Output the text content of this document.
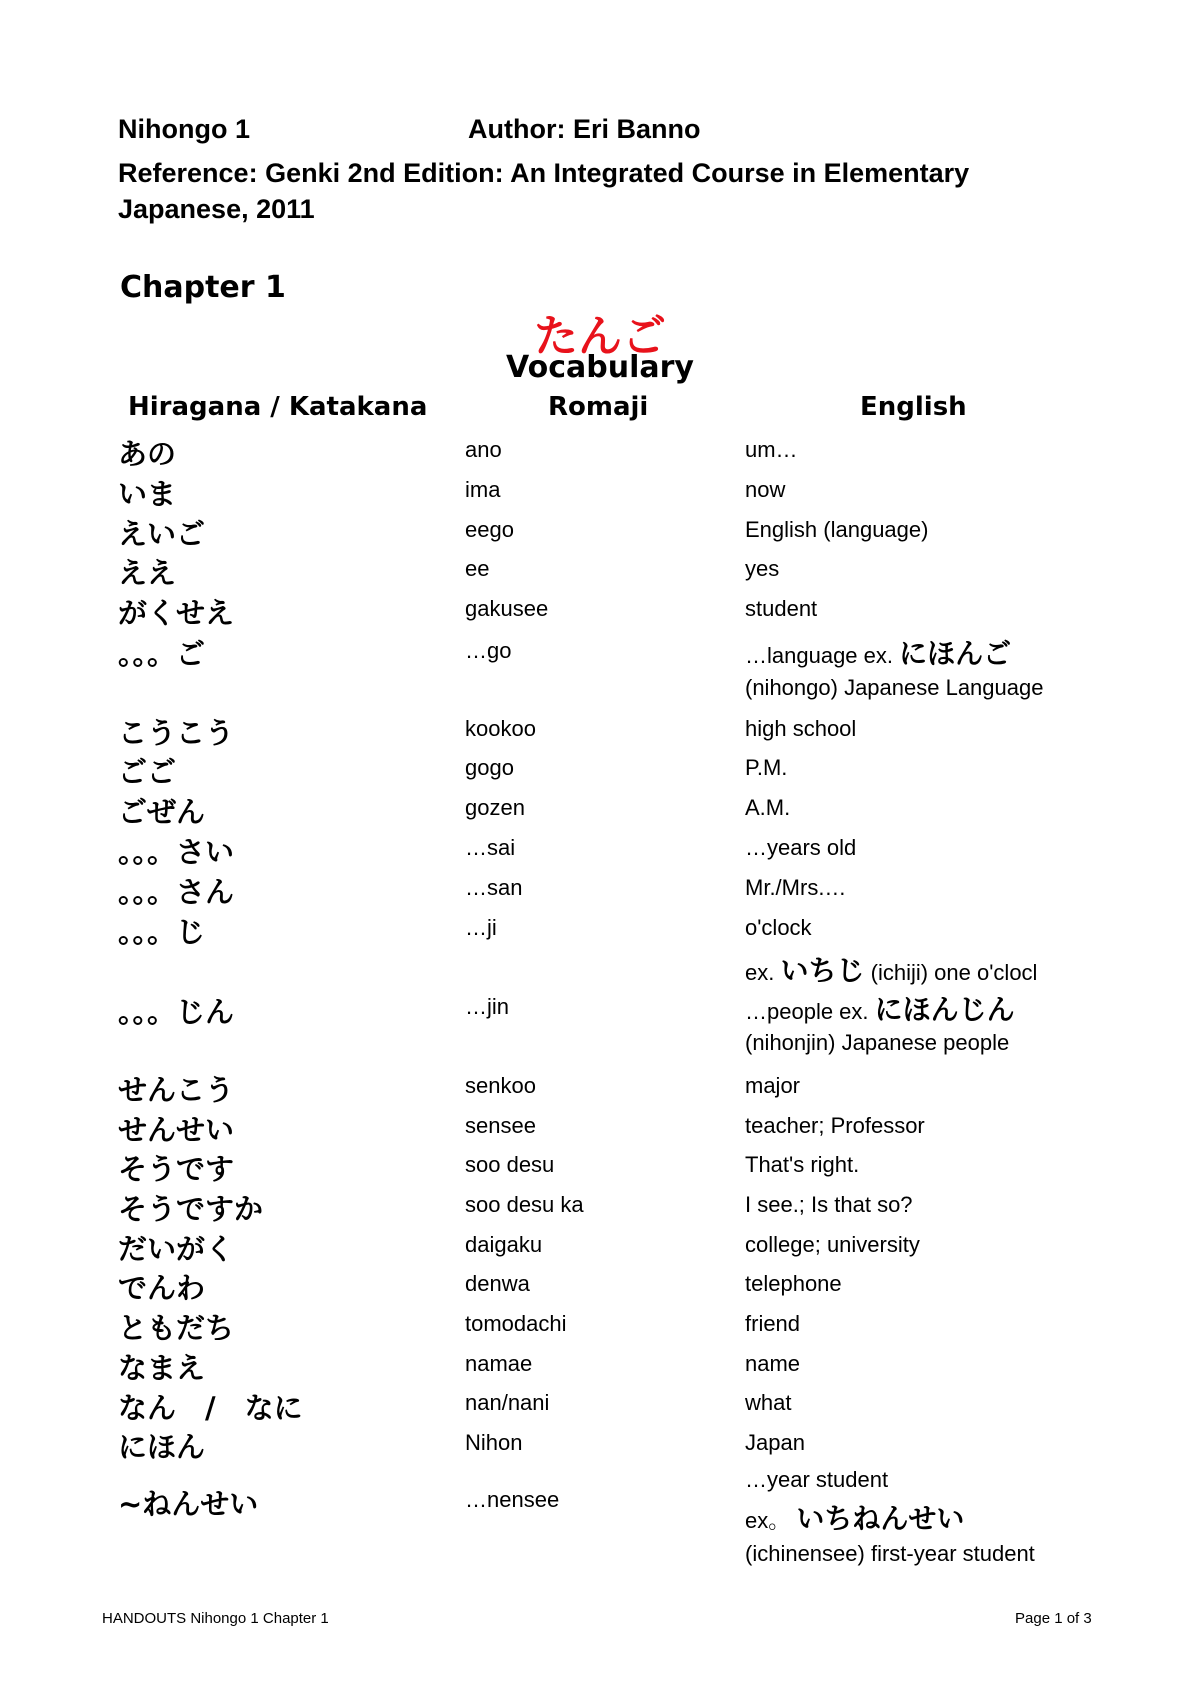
Nihongo 1	Author: Eri Banno
Reference: Genki 2nd Edition: An Integrated Course in Elementary Japanese, 2011
Chapter 1
たんご
Vocabulary
Hiragana / Katakana	Romaji	English
あの	ano	um…
いま	ima	now
えいご	eego	English (language)
ええ	ee	yes
がくせえ	gakusee	student
。。。ご	…go	…language ex. にほんご
(nihongo) Japanese Language
こうこう	kookoo	high school
ごご	gogo	P.M.
ごぜん	gozen	A.M.
。。。さい	…sai	…years old
。。。さん	…san	Mr./Mrs.…
。。。じ	…ji	o'clock
ex. いちじ (ichiji) one o'clocl
。。。じん	…jin	…people ex. にほんじん
(nihonjin) Japanese people
せんこう	senkoo	major
せんせい	sensee	teacher; Professor
そうです	soo desu	That's right.
そうですか	soo desu ka	I see.; Is that so?
だいがく	daigaku	college; university
でんわ	denwa	telephone
ともだち	tomodachi	friend
なまえ	namae	name
なん　/　なに	nan/nani	what
にほん	Nihon	Japan
~ねんせい	…nensee
…year student
ex。 いちねんせい
(ichinensee) first-year student
HANDOUTS Nihongo 1 Chapter 1	Page 1 of 3
